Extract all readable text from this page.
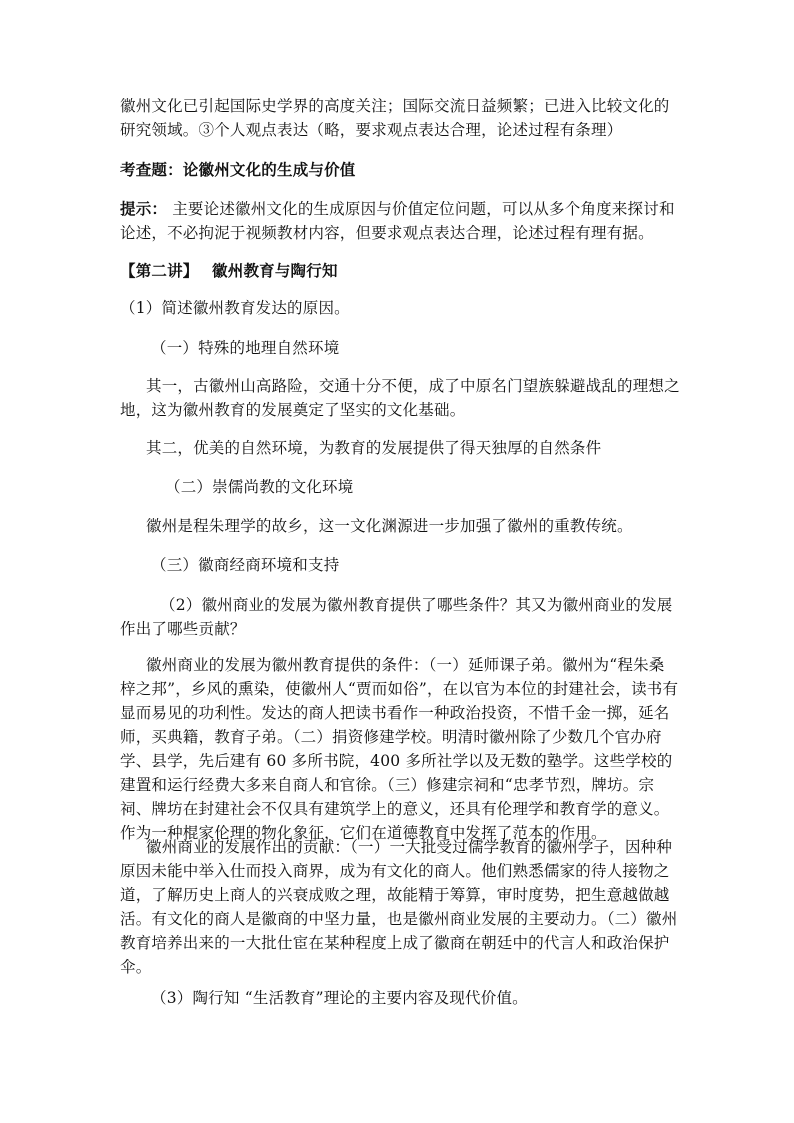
徽州文化已引起国际史学界的高度关注；国际交流日益频繁；已进入比较文化的研究领域。③个人观点表达（略，要求观点表达合理，论述过程有条理）
考查题：论徽州文化的生成与价值
提示： 主要论述徽州文化的生成原因与价值定位问题，可以从多个角度来探讨和论述，不必拘泥于视频教材内容，但要求观点表达合理，论述过程有理有据。
【第二讲】　 徽州教育与陶行知
（1）简述徽州教育发达的原因。
（一）特殊的地理自然环境
其一，古徽州山高路险，交通十分不便，成了中原名门望族躲避战乱的理想之地，这为徽州教育的发展奠定了坚实的文化基础。
其二，优美的自然环境，为教育的发展提供了得天独厚的自然条件
（二）崇儒尚教的文化环境
徽州是程朱理学的故乡，这一文化渊源进一步加强了徽州的重教传统。
（三）徽商经商环境和支持
（2）徽州商业的发展为徽州教育提供了哪些条件？其又为徽州商业的发展作出了哪些贡献？
徽州商业的发展为徽州教育提供的条件：（一）延师课子弟。徽州为“程朱桑梓之邦”，乡风的熏染，使徽州人“贾而如俗”，在以官为本位的封建社会，读书有显而易见的功利性。发达的商人把读书看作一种政治投资，不惜千金一掷，延名师，买典籍，教育子弟。（二）捐资修建学校。明清时徽州除了少数几个官办府学、县学，先后建有 60 多所书院，400 多所社学以及无数的塾学。这些学校的建置和运行经费大多来自商人和官徐。（三）修建宗祠和“忠孝节烈，牌坊。宗祠、牌坊在封建社会不仅具有建筑学上的意义，还具有伦理学和教育学的意义。作为一种棍家伦理的物化象征，它们在道德教育中发挥了范本的作用。
徽州商业的发展作出的贡献：（一）一大批受过儒学教育的徽州学子，因种种原因未能中举入仕而投入商界，成为有文化的商人。他们熟悉儒家的待人接物之道，了解历史上商人的兴衰成败之理，故能精于筹算，审时度势，把生意越做越活。有文化的商人是徽商的中坚力量，也是徽州商业发展的主要动力。（二）徽州教育培养出来的一大批仕宦在某种程度上成了徽商在朝廷中的代言人和政治保护伞。
（3）陶行知 “生活教育”理论的主要内容及现代价值。
